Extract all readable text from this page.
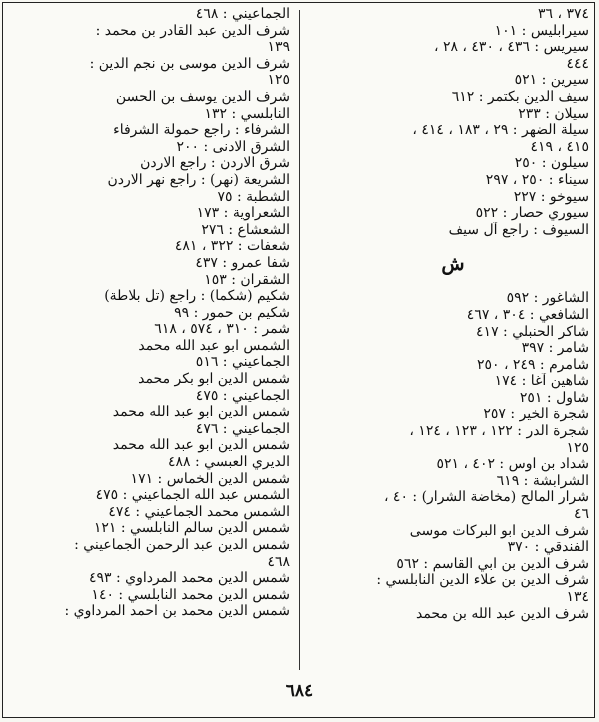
٣٧٤ ، ٣٦
سيرابليس : ١٠١
سيريس : ٤٣٦ ، ٤٣٠ ، ٢٨ ،
٤٤٤
سيرين : ٥٢١
سيف الدين بكتمر : ٦١٢
سيلان : ٢٣٣
سيلة الضهر : ٢٩ ، ١٨٣ ، ٤١٤ ،
٤١٥ ، ٤١٩
سيلون : ٢٥٠
سيناء : ٢٥٠ ، ٢٩٧
سيوخو : ٢٢٧
سيوري حصار : ٥٢٢
السيوف : راجع آل سيف
ش
الشاغور : ٥٩٢
الشافعي : ٣٠٤ ، ٤٦٧
شاكر الحنبلي : ٤١٧
شامر : ٣٩٧
شامرم : ٢٤٩ ، ٢٥٠
شاهين آغا : ١٧٤
شاول : ٢٥١
شجرة الخير : ٢٥٧
شجرة الدر : ١٢٢ ، ١٢٣ ، ١٢٤ ،
١٢٥
شداد بن اوس : ٤٠٢ ، ٥٢١
الشرابشة : ٦١٩
شرار المالح (مخاضة الشرار) : ٤٠ ،
٤٦
شرف الدين ابو البركات موسى
الفندقي : ٣٧٠
شرف الدين بن ابي القاسم : ٥٦٢
شرف الدين بن علاء الدين النابلسي :
١٣٤
شرف الدين عبد الله بن محمد
الجماعيني : ٤٦٨
شرف الدين عبد القادر بن محمد :
١٣٩
شرف الدين موسى بن نجم الدين :
١٢٥
شرف الدين يوسف بن الحسن
النابلسي : ١٣٢
الشرفاء : راجع حمولة الشرفاء
الشرق الادنى : ٢٠٠
شرق الاردن : راجع الاردن
الشريعة (نهر) : راجع نهر الاردن
الشطبة : ٧٥
الشعراوية : ١٧٣
الشعشاع : ٢٧٦
شعفات : ٣٢٢ ، ٤٨١
شفا عمرو : ٤٣٧
الشقران : ١٥٣
شكيم (شكما) : راجع (تل بلاطة)
شكيم بن حمور : ٩٩
شمر : ٣١٠ ، ٥٧٤ ، ٦١٨
الشمس ابو عبد الله محمد
الجماعيني : ٥١٦
شمس الدين ابو بكر محمد
الجماعيني : ٤٧٥
شمس الدين ابو عبد الله محمد
الجماعيني : ٤٧٦
شمس الدين ابو عبد الله محمد
الديري العبسي : ٤٨٨
شمس الدين الخماس : ١٧١
الشمس عبد الله الجماعيني : ٤٧٥
الشمس محمد الجماعيني : ٤٧٤
شمس الدين سالم النابلسي : ١٢١
شمس الدين عبد الرحمن الجماعيني :
٤٦٨
شمس الدين محمد المرداوي : ٤٩٣
شمس الدين محمد النابلسي : ١٤٠
شمس الدين محمد بن احمد المرداوي :
٦٨٤
